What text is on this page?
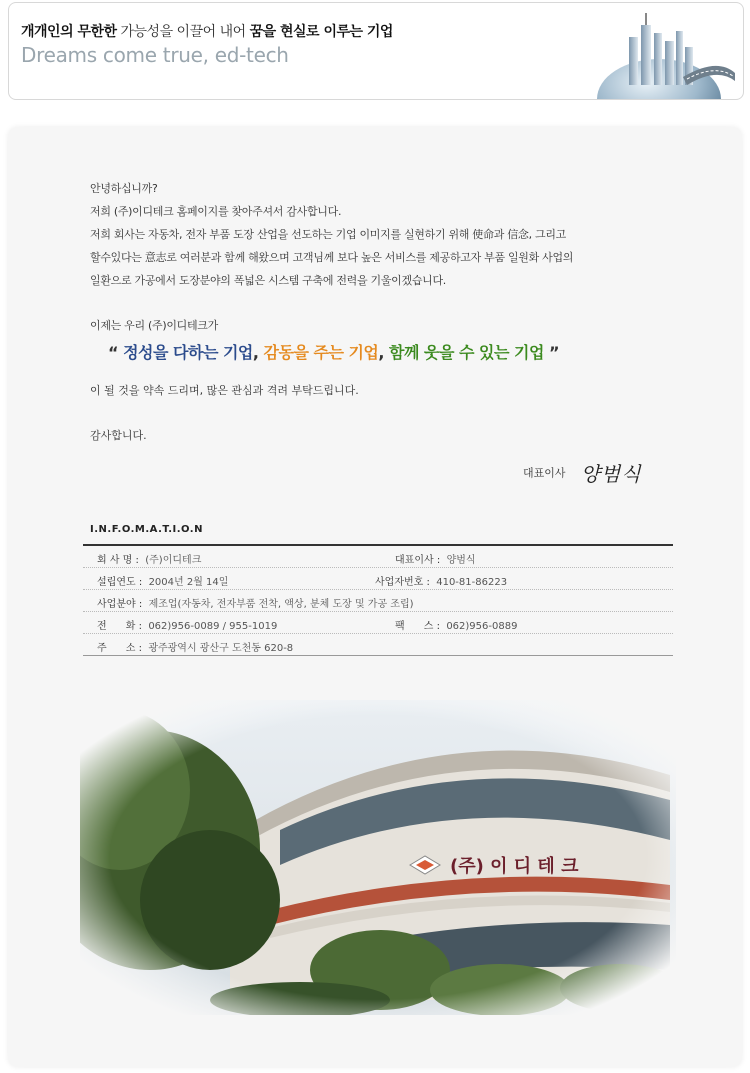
개개인의 무한한 가능성을 이끌어 내어 꿈을 현실로 이루는 기업
Dreams come true, ed-tech

안녕하십니까?

저희 (주)이디테크 홈페이지를 찾아주셔서 감사합니다.

저희 회사는 자동차, 전자 부품 도장 산업을 선도하는 기업 이미지를 실현하기 위해 使命과 信念, 그리고

할수있다는 意志로 여러분과 함께 해왔으며 고객님께 보다 높은 서비스를 제공하고자 부품 일원화 사업의

일환으로 가공에서 도장분야의 폭넓은 시스템 구축에 전력을 기울이겠습니다.

이제는 우리 (주)이디테크가

“ 정성을 다하는 기업, 감동을 주는 기업, 함께 웃을 수 있는 기업 ”
이 될 것을 약속 드리며, 많은 관심과 격려 부탁드립니다.
감사합니다.
대표이사 양범식
I.N.F.O.M.A.T.I.O.N
회 사 명 : (주)이디테크	대표이사 : 양범식
설립연도 : 2004년 2월 14일	사업자번호 : 410-81-86223
사업분야 : 제조업(자동차, 전자부품 전착, 액상, 분체 도장 및 가공 조립)
전      화 : 062)956-0089 / 955-1019	팩      스 : 062)956-0889
주      소 : 광주광역시 광산구 도천동 620-8
